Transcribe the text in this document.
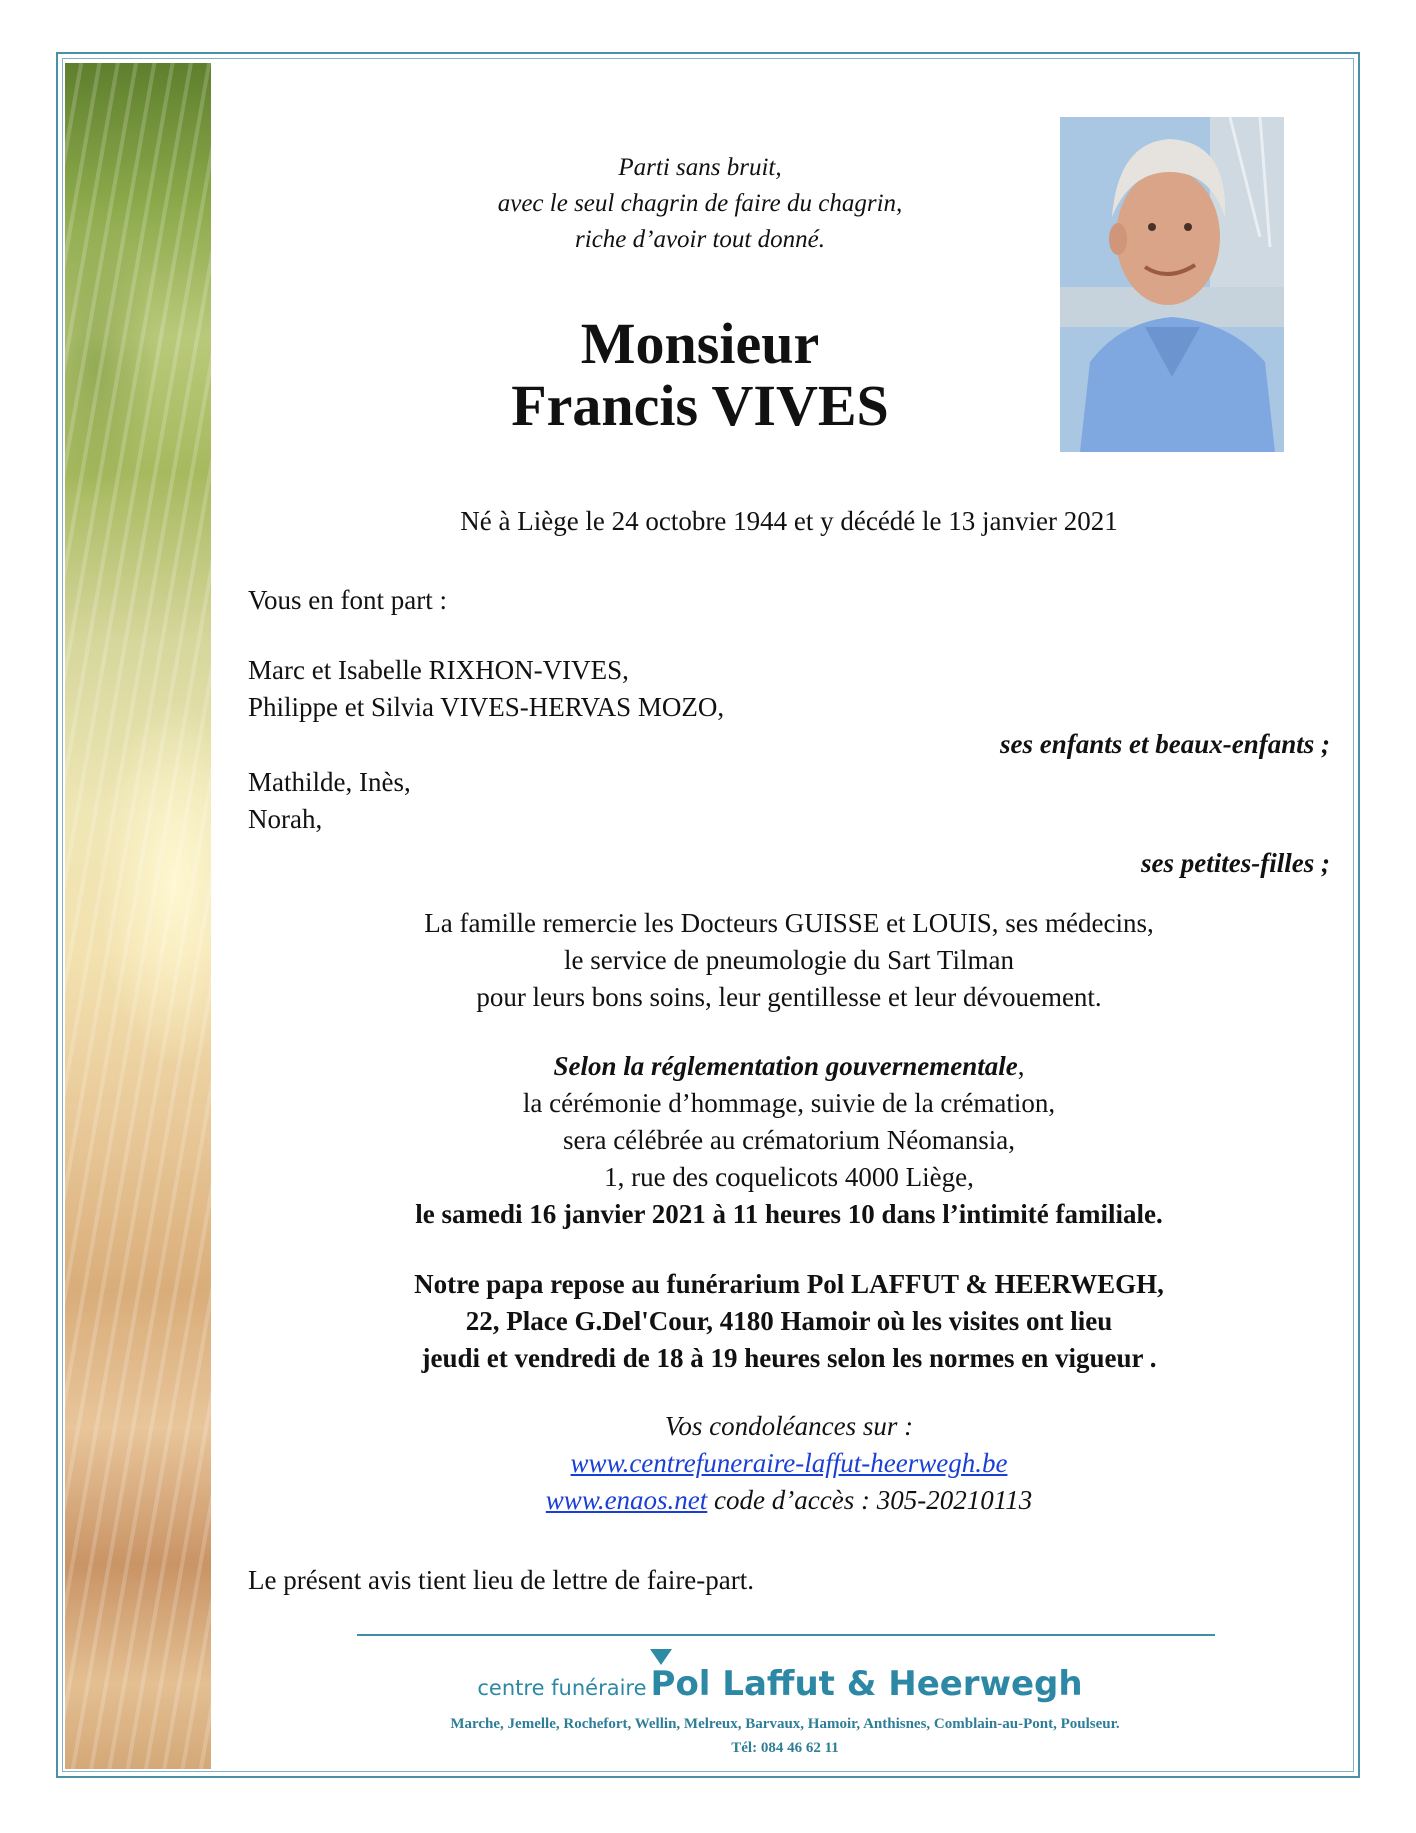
Parti sans bruit,
avec le seul chagrin de faire du chagrin,
riche d’avoir tout donné.
Monsieur
Francis VIVES
Né à Liège le 24 octobre 1944 et y décédé le 13 janvier 2021
Vous en font part :
Marc et Isabelle RIXHON-VIVES,
Philippe et Silvia VIVES-HERVAS MOZO,
ses enfants et beaux-enfants ;
Mathilde, Inès,
Norah,
ses petites-filles ;
La famille remercie les Docteurs GUISSE et LOUIS, ses médecins,
le service de pneumologie du Sart Tilman
pour leurs bons soins, leur gentillesse et leur dévouement.
Selon la réglementation gouvernementale,
la cérémonie d’hommage, suivie de la crémation,
sera célébrée au crématorium Néomansia,
1, rue des coquelicots 4000 Liège,
le samedi 16 janvier 2021 à 11 heures 10 dans l’intimité familiale.
Notre papa repose au funérarium Pol LAFFUT & HEERWEGH,
22, Place G.Del'Cour, 4180 Hamoir où les visites ont lieu
jeudi et vendredi de 18 à 19 heures selon les normes en vigueur .
Vos condoléances sur :
www.centrefuneraire-laffut-heerwegh.be
www.enaos.net code d’accès : 305-20210113
Le présent avis tient lieu de lettre de faire-part.
centre funéraire Pol Laffut & Heerwegh
Marche, Jemelle, Rochefort, Wellin, Melreux, Barvaux, Hamoir, Anthisnes, Comblain-au-Pont, Poulseur.
Tél: 084 46 62 11
